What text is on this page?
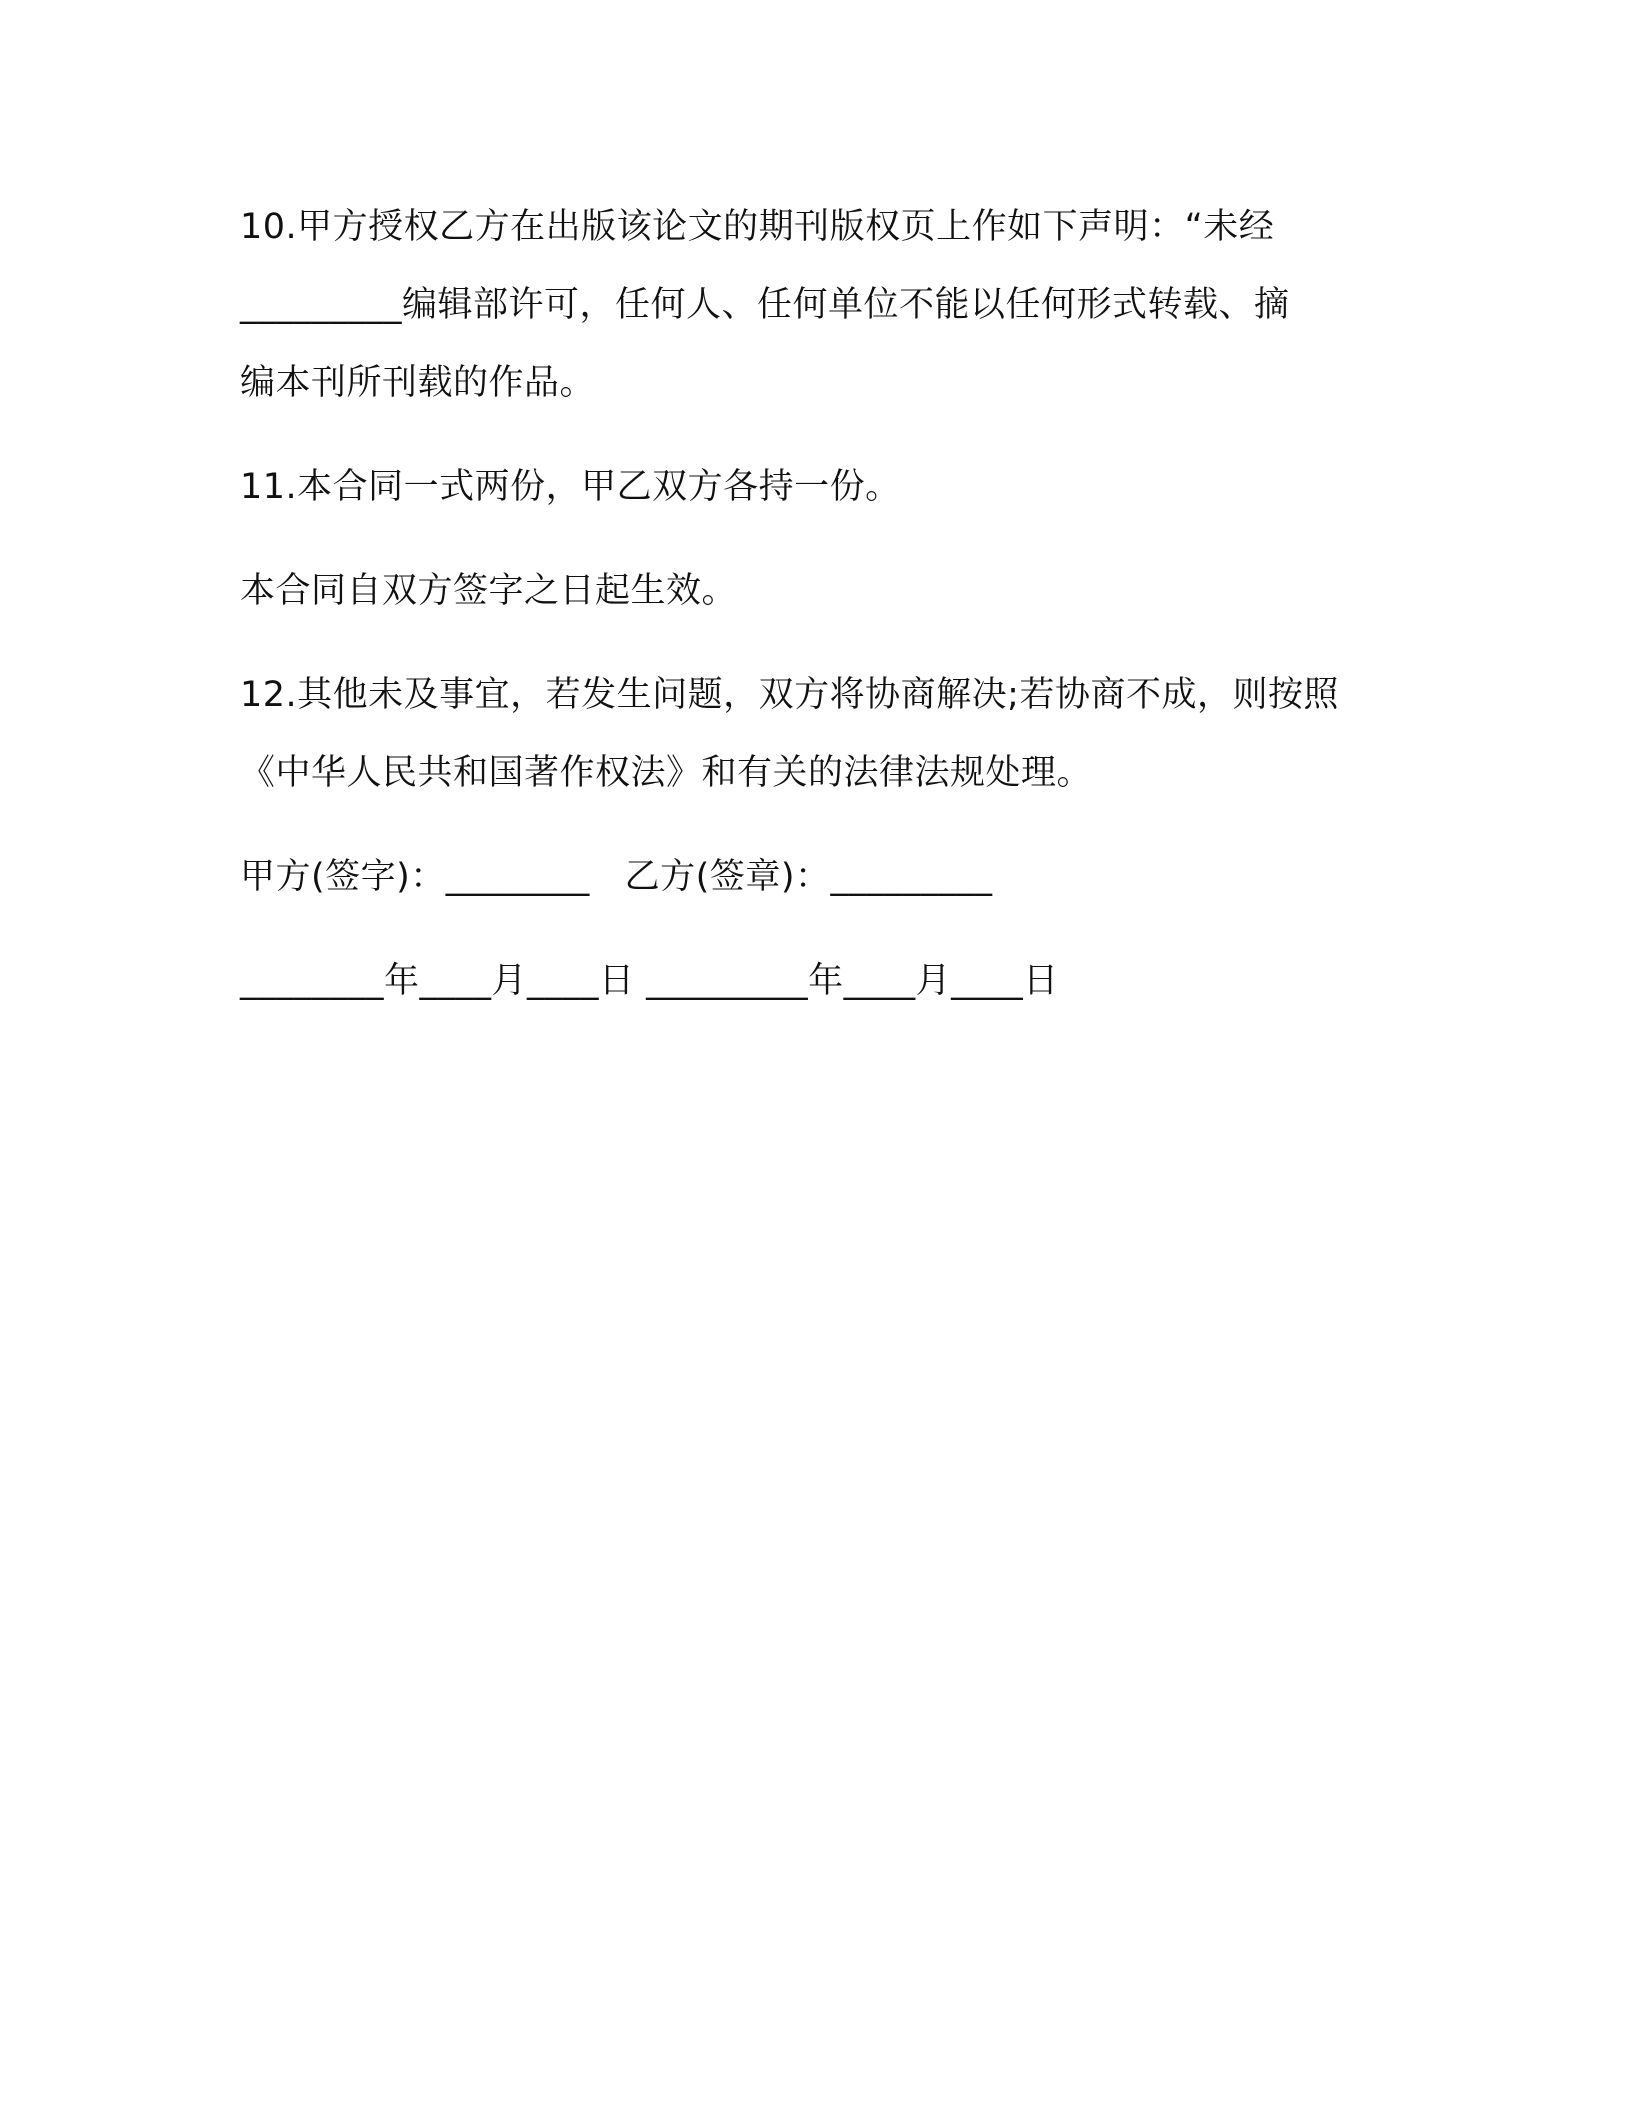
10.甲方授权乙方在出版该论文的期刊版权页上作如下声明：“未经
_________编辑部许可，任何人、任何单位不能以任何形式转载、摘
编本刊所刊载的作品。
11.本合同一式两份，甲乙双方各持一份。
本合同自双方签字之日起生效。
12.其他未及事宜，若发生问题，双方将协商解决;若协商不成，则按照
《中华人民共和国著作权法》和有关的法律法规处理。
甲方(签字)：________   乙方(签章)：_________
________年____月____日 _________年____月____日
